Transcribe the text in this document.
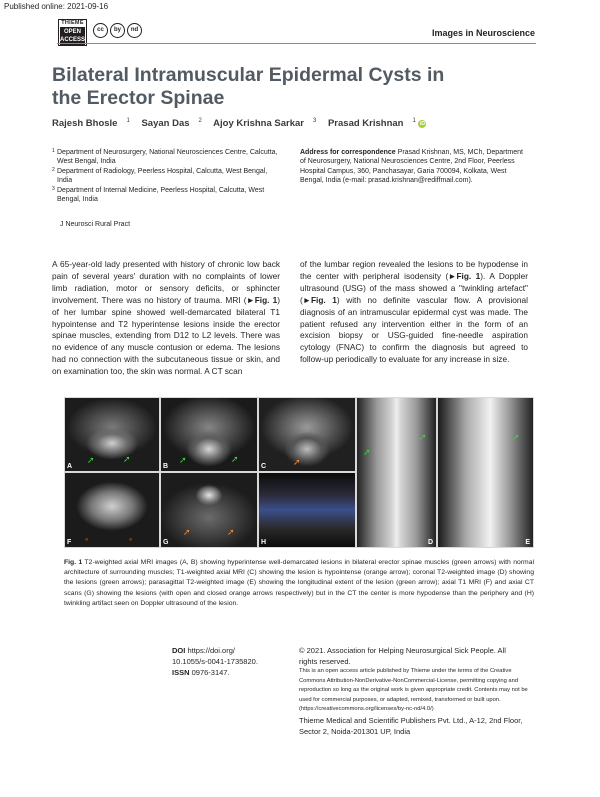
Published online: 2021-09-16
THIEME
OPEN
ACCESS
cc	by	nd	Images in Neuroscience
Bilateral Intramuscular Epidermal Cysts in the Erector Spinae
Rajesh Bhosle $^1$ Sayan Das $^2$ Ajoy Krishna Sarkar $^3$ Prasad Krishnan $^1$ iD
1 Department of Neurosurgery, National Neurosciences Centre, Calcutta, West Bengal, India
2 Department of Radiology, Peerless Hospital, Calcutta, West Bengal, India
3 Department of Internal Medicine, Peerless Hospital, Calcutta, West Bengal, India
Address for correspondence Prasad Krishnan, MS, MCh, Department of Neurosurgery, National Neurosciences Centre, 2nd Floor, Peerless Hospital Campus, 360, Panchasayar, Garia 700094, Kolkata, West Bengal, India (e-mail: prasad.krishnan@rediffmail.com).
J Neurosci Rural Pract
A 65-year-old lady presented with history of chronic low back pain of several years' duration with no complaints of lower limb radiation, motor or sensory deficits, or sphincter involvement. There was no history of trauma. MRI (►Fig. 1) of her lumbar spine showed well-demarcated bilateral T1 hypointense and T2 hyperintense lesions inside the erector spinae muscles, extending from D12 to L2 levels. There was no evidence of any muscle contusion or edema. The lesions had no connection with the subcutaneous tissue or skin, and on examination too, the skin was normal. A CT scan
of the lumbar region revealed the lesions to be hypodense in the center with peripheral isodensity (►Fig. 1). A Doppler ultrasound (USG) of the mass showed a "twinkling artefact" (►Fig. 1) with no definite vascular flow. A provisional diagnosis of an intramuscular epidermal cyst was made. The patient refused any intervention either in the form of an excision biopsy or USG-guided fine-needle aspiration cytology (FNAC) to confirm the diagnosis but agreed to follow-up periodically to evaluate for any increase in size.
➚	➚
A
➚	➚
B	➚
C
➚
➚
D
➚
E
◦	◦
F
➚	➚
G	H
Fig. 1 T2-weighted axial MRI images (A, B) showing hyperintense well-demarcated lesions in bilateral erector spinae muscles (green arrows) with normal architecture of surrounding muscles; T1-weighted axial MRI (C) showing the lesion is hypointense (orange arrow); coronal T2-weighted image (D) showing the lesions (green arrows); parasagittal T2-weighted image (E) showing the longitudinal extent of the lesion (green arrow); axial T1 MRI (F) and axial CT scans (G) showing the lesions (with open and closed orange arrows respectively) but in the CT the center is more hypodense than the periphery and (H) twinkling artifact seen on Doppler ultrasound of the lesion.
DOI https://doi.org/
10.1055/s-0041-1735820.
ISSN 0976-3147.
© 2021. Association for Helping Neurosurgical Sick People. All
rights reserved.
This is an open access article published by Thieme under the terms of the Creative Commons Attribution-NonDerivative-NonCommercial-License, permitting copying and reproduction so long as the original work is given appropriate credit. Contents may not be used for commercial purposes, or adapted, remixed, transformed or built upon. (https://creativecommons.org/licenses/by-nc-nd/4.0/)
Thieme Medical and Scientific Publishers Pvt. Ltd., A-12, 2nd Floor,
Sector 2, Noida-201301 UP, India
